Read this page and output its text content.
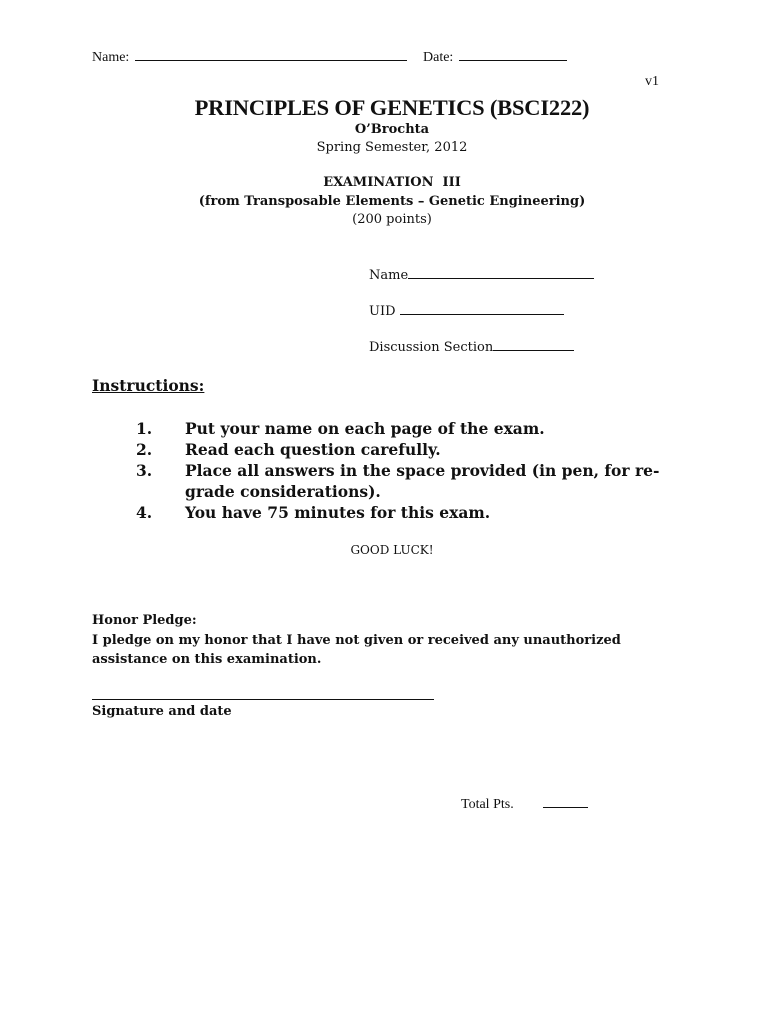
Name:	Date:
v1
PRINCIPLES OF GENETICS (BSCI222)
O’Brochta
Spring Semester, 2012
EXAMINATION  III
(from Transposable Elements – Genetic Engineering)
(200 points)
Name
UID
Discussion Section
Instructions:
1.	Put your name on each page of the exam.
2.	Read each question carefully.
3.	Place all answers in the space provided (in pen, for re-grade considerations).
4.	You have 75 minutes for this exam.
GOOD LUCK!
Honor Pledge:
I pledge on my honor that I have not given or received any unauthorized assistance on this examination.
Signature and date
Total Pts.
